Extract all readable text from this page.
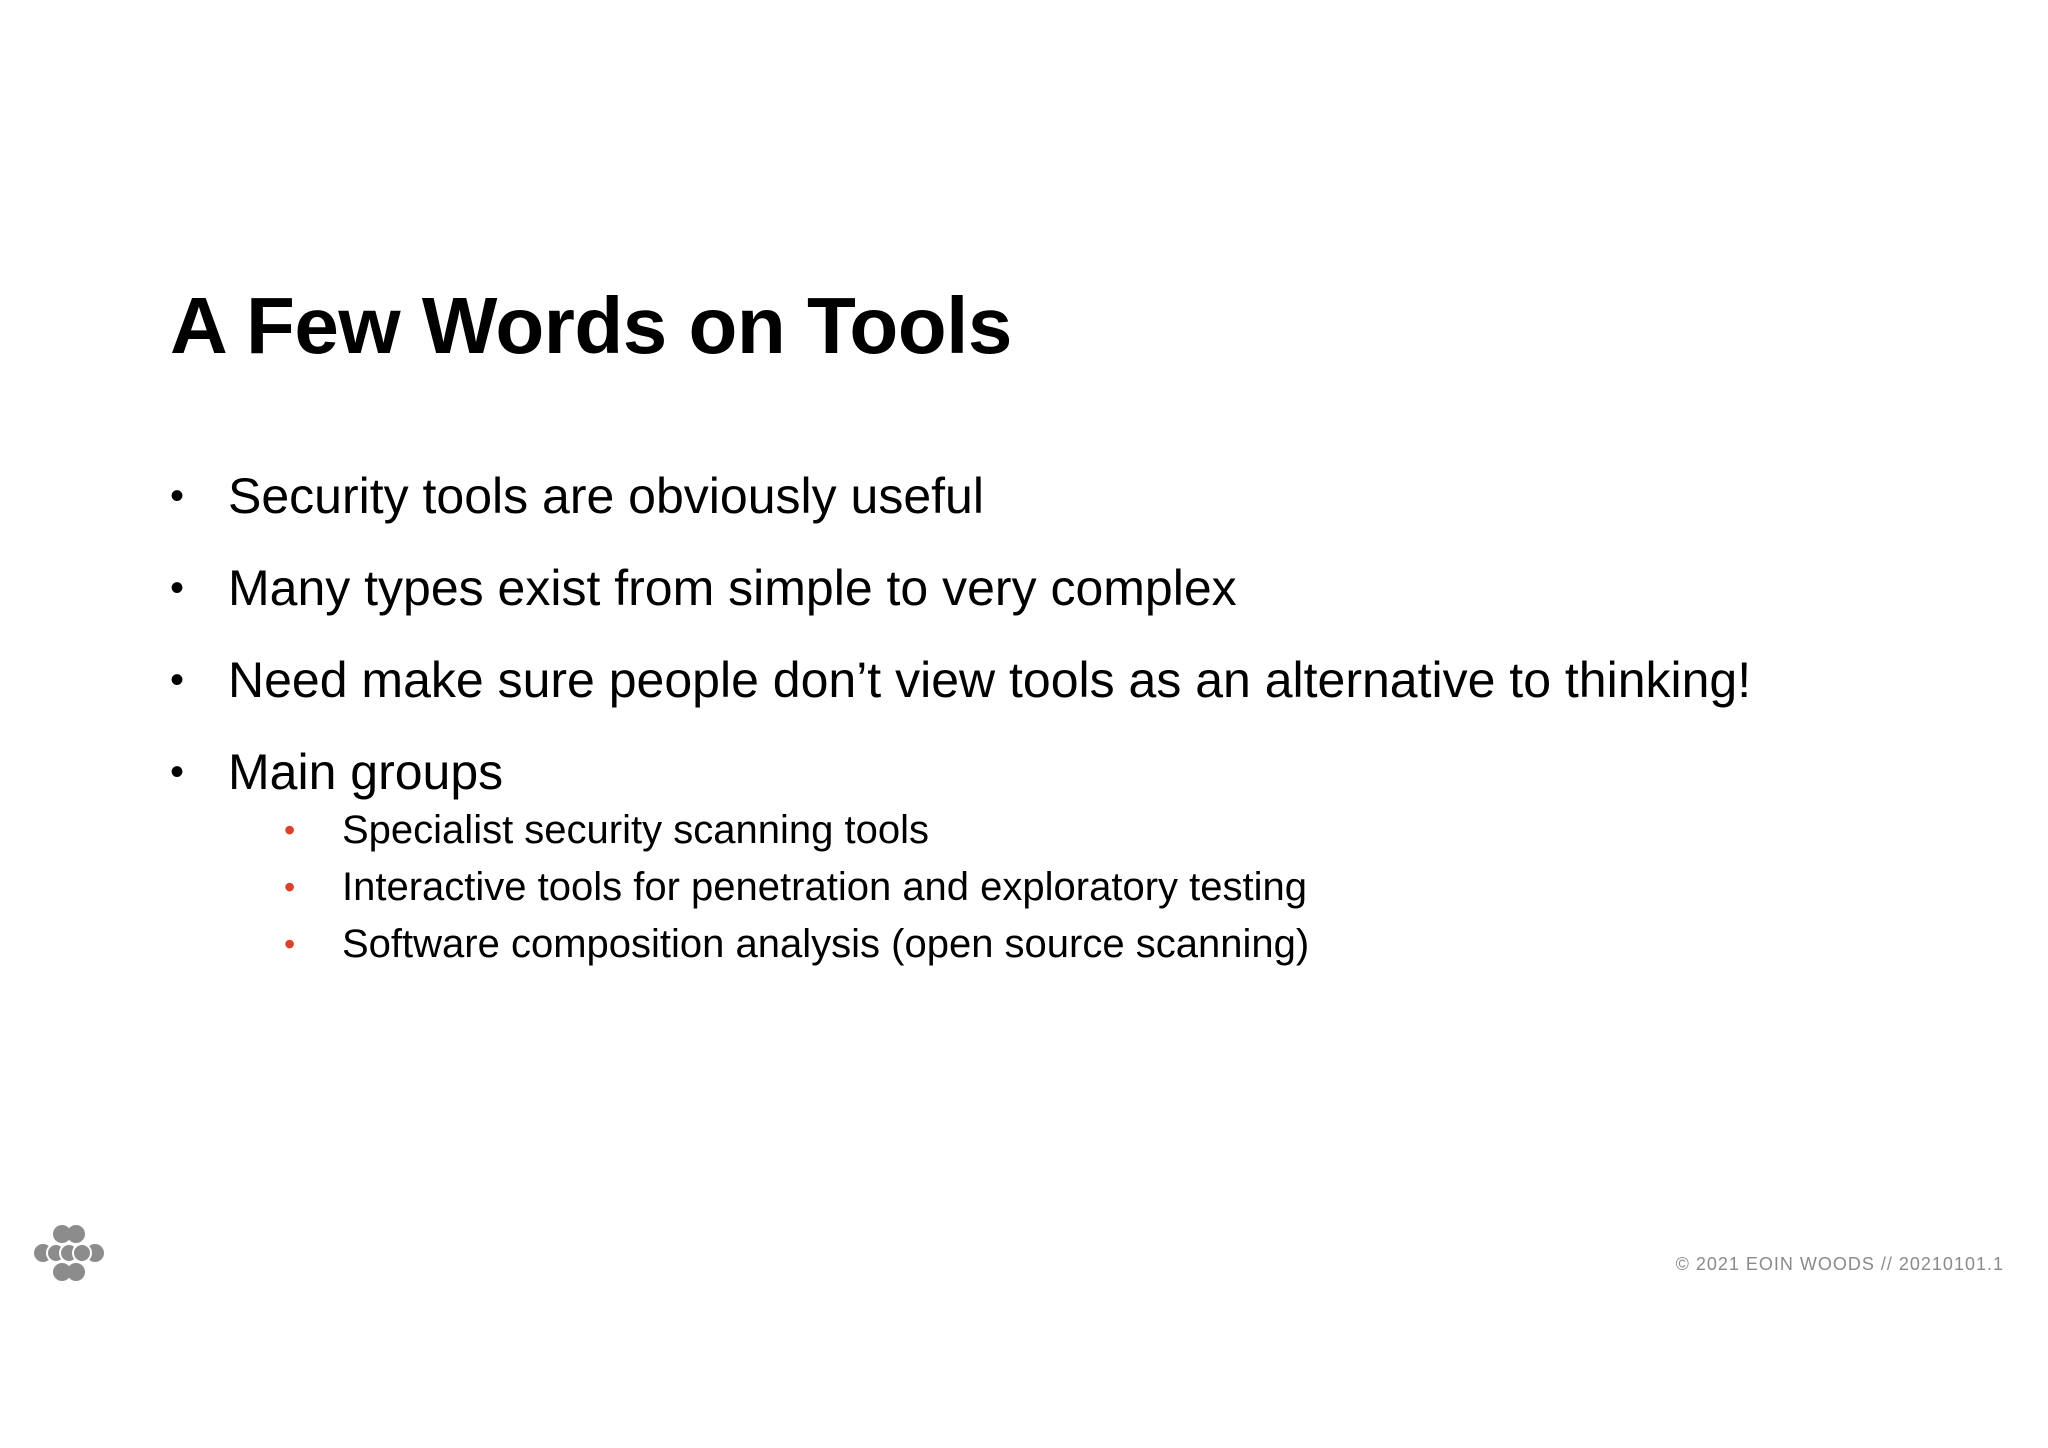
A Few Words on Tools
• Security tools are obviously useful
• Many types exist from simple to very complex
• Need make sure people don’t view tools as an alternative to thinking!
• Main groups
• Specialist security scanning tools
• Interactive tools for penetration and exploratory testing
• Software composition analysis (open source scanning)
© 2021 EOIN WOODS // 20210101.1
